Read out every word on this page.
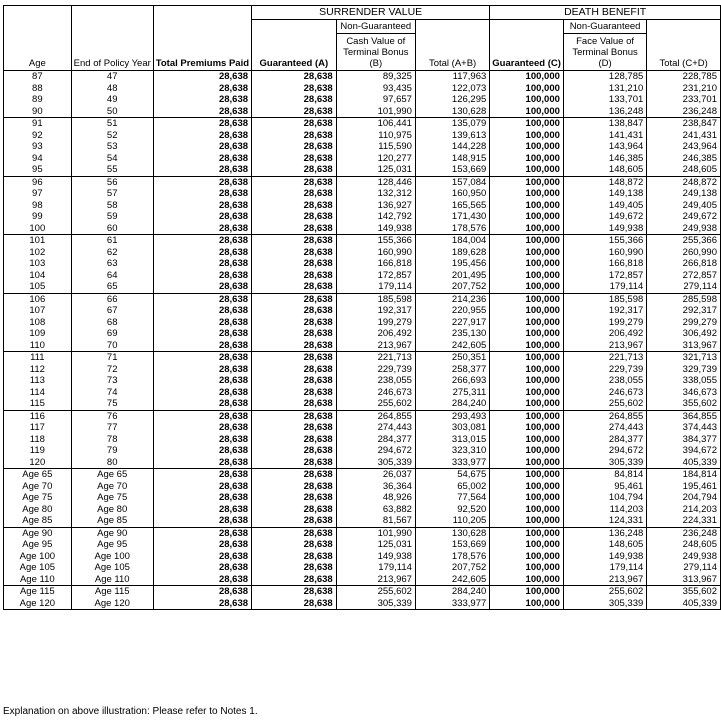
Age	End of Policy Year	Total Premiums Paid	SURRENDER VALUE			DEATH BENEFIT		
			Guaranteed (A)	Non-Guaranteed	Total (A+B)	Guaranteed (C)	Non-Guaranteed	Total (C+D)
				Cash Value of Terminal Bonus (B)			Face Value of Terminal Bonus (D)	
87	47	28,638	28,638	89,325	117,963	100,000	128,785	228,785
88	48	28,638	28,638	93,435	122,073	100,000	131,210	231,210
89	49	28,638	28,638	97,657	126,295	100,000	133,701	233,701
90	50	28,638	28,638	101,990	130,628	100,000	136,248	236,248
91	51	28,638	28,638	106,441	135,079	100,000	138,847	238,847
92	52	28,638	28,638	110,975	139,613	100,000	141,431	241,431
93	53	28,638	28,638	115,590	144,228	100,000	143,964	243,964
94	54	28,638	28,638	120,277	148,915	100,000	146,385	246,385
95	55	28,638	28,638	125,031	153,669	100,000	148,605	248,605
96	56	28,638	28,638	128,446	157,084	100,000	148,872	248,872
97	57	28,638	28,638	132,312	160,950	100,000	149,138	249,138
98	58	28,638	28,638	136,927	165,565	100,000	149,405	249,405
99	59	28,638	28,638	142,792	171,430	100,000	149,672	249,672
100	60	28,638	28,638	149,938	178,576	100,000	149,938	249,938
101	61	28,638	28,638	155,366	184,004	100,000	155,366	255,366
102	62	28,638	28,638	160,990	189,628	100,000	160,990	260,990
103	63	28,638	28,638	166,818	195,456	100,000	166,818	266,818
104	64	28,638	28,638	172,857	201,495	100,000	172,857	272,857
105	65	28,638	28,638	179,114	207,752	100,000	179,114	279,114
106	66	28,638	28,638	185,598	214,236	100,000	185,598	285,598
107	67	28,638	28,638	192,317	220,955	100,000	192,317	292,317
108	68	28,638	28,638	199,279	227,917	100,000	199,279	299,279
109	69	28,638	28,638	206,492	235,130	100,000	206,492	306,492
110	70	28,638	28,638	213,967	242,605	100,000	213,967	313,967
111	71	28,638	28,638	221,713	250,351	100,000	221,713	321,713
112	72	28,638	28,638	229,739	258,377	100,000	229,739	329,739
113	73	28,638	28,638	238,055	266,693	100,000	238,055	338,055
114	74	28,638	28,638	246,673	275,311	100,000	246,673	346,673
115	75	28,638	28,638	255,602	284,240	100,000	255,602	355,602
116	76	28,638	28,638	264,855	293,493	100,000	264,855	364,855
117	77	28,638	28,638	274,443	303,081	100,000	274,443	374,443
118	78	28,638	28,638	284,377	313,015	100,000	284,377	384,377
119	79	28,638	28,638	294,672	323,310	100,000	294,672	394,672
120	80	28,638	28,638	305,339	333,977	100,000	305,339	405,339
Age 65	Age 65	28,638	28,638	26,037	54,675	100,000	84,814	184,814
Age 70	Age 70	28,638	28,638	36,364	65,002	100,000	95,461	195,461
Age 75	Age 75	28,638	28,638	48,926	77,564	100,000	104,794	204,794
Age 80	Age 80	28,638	28,638	63,882	92,520	100,000	114,203	214,203
Age 85	Age 85	28,638	28,638	81,567	110,205	100,000	124,331	224,331
Age 90	Age 90	28,638	28,638	101,990	130,628	100,000	136,248	236,248
Age 95	Age 95	28,638	28,638	125,031	153,669	100,000	148,605	248,605
Age 100	Age 100	28,638	28,638	149,938	178,576	100,000	149,938	249,938
Age 105	Age 105	28,638	28,638	179,114	207,752	100,000	179,114	279,114
Age 110	Age 110	28,638	28,638	213,967	242,605	100,000	213,967	313,967
Age 115	Age 115	28,638	28,638	255,602	284,240	100,000	255,602	355,602
Age 120	Age 120	28,638	28,638	305,339	333,977	100,000	305,339	405,339
Explanation on above illustration: Please refer to Notes 1.
